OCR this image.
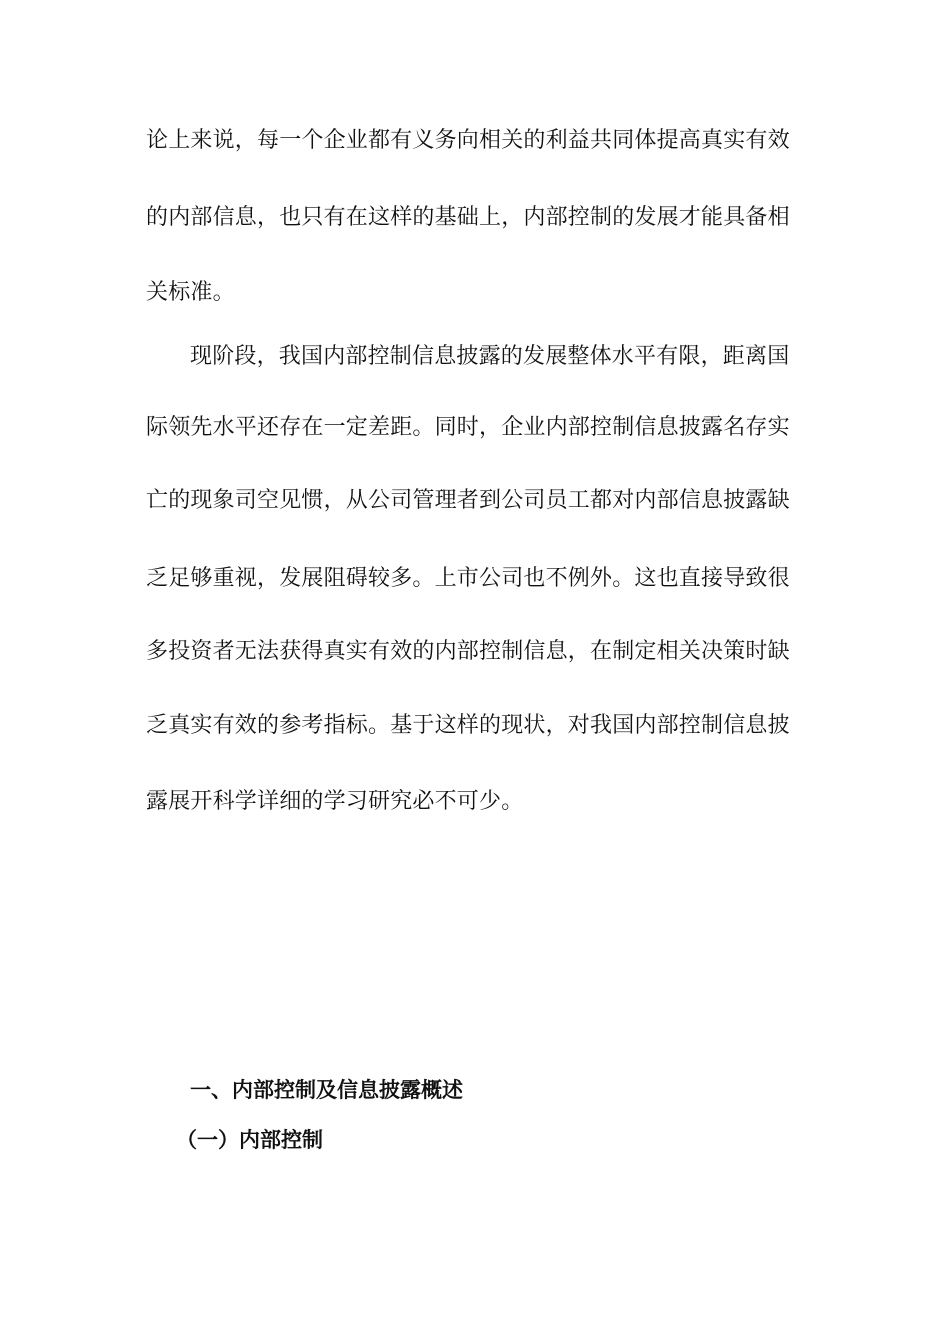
论上来说，每一个企业都有义务向相关的利益共同体提高真实有效
的内部信息，也只有在这样的基础上，内部控制的发展才能具备相
关标准。
现阶段，我国内部控制信息披露的发展整体水平有限，距离国
际领先水平还存在一定差距。同时，企业内部控制信息披露名存实
亡的现象司空见惯，从公司管理者到公司员工都对内部信息披露缺
乏足够重视，发展阻碍较多。上市公司也不例外。这也直接导致很
多投资者无法获得真实有效的内部控制信息，在制定相关决策时缺
乏真实有效的参考指标。基于这样的现状，对我国内部控制信息披
露展开科学详细的学习研究必不可少。
一、内部控制及信息披露概述
（一）内部控制
